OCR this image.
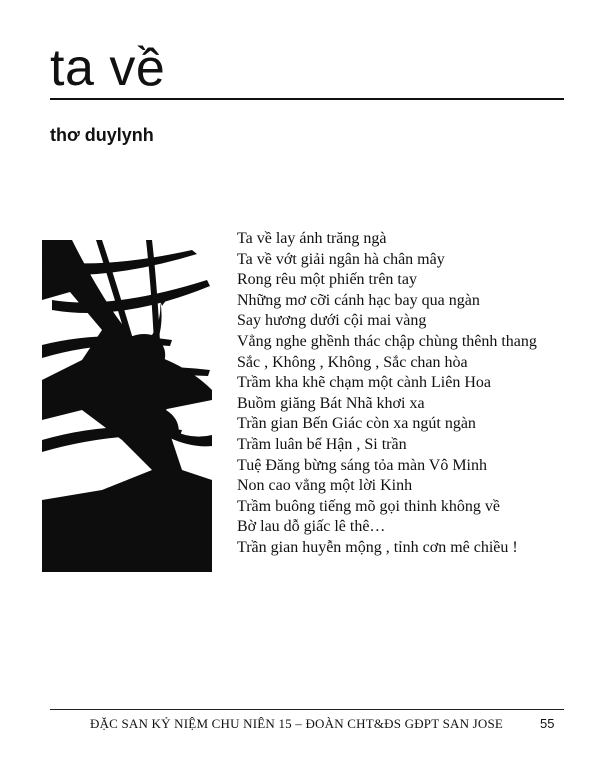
ta về
thơ duylynh
Ta về lay ánh trăng ngà
Ta về vớt giải ngân hà chân mây
Rong rêu một phiến trên tay
Những mơ cỡi cánh hạc bay qua ngàn
Say hương dưới cội mai vàng
Vẳng nghe ghềnh thác chập chùng thênh thang
Sắc , Không , Không , Sắc chan hòa
Trầm kha khẽ chạm một cành Liên Hoa
Buồm giăng Bát Nhã khơi xa
Trần gian Bến Giác còn xa ngút ngàn
Trầm luân bể Hận , Si trần
Tuệ Đăng bừng sáng tỏa màn Vô Minh
Non cao vẳng một lời Kinh
Trầm buông tiếng mõ gọi thinh không về
Bờ lau dỗ giấc lê thê…
Trần gian huyễn mộng , tỉnh cơn mê chiều !
ĐẶC SAN KỶ NIỆM CHU NIÊN 15 – ĐOÀN CHT&ĐS GĐPT SAN JOSE	55
